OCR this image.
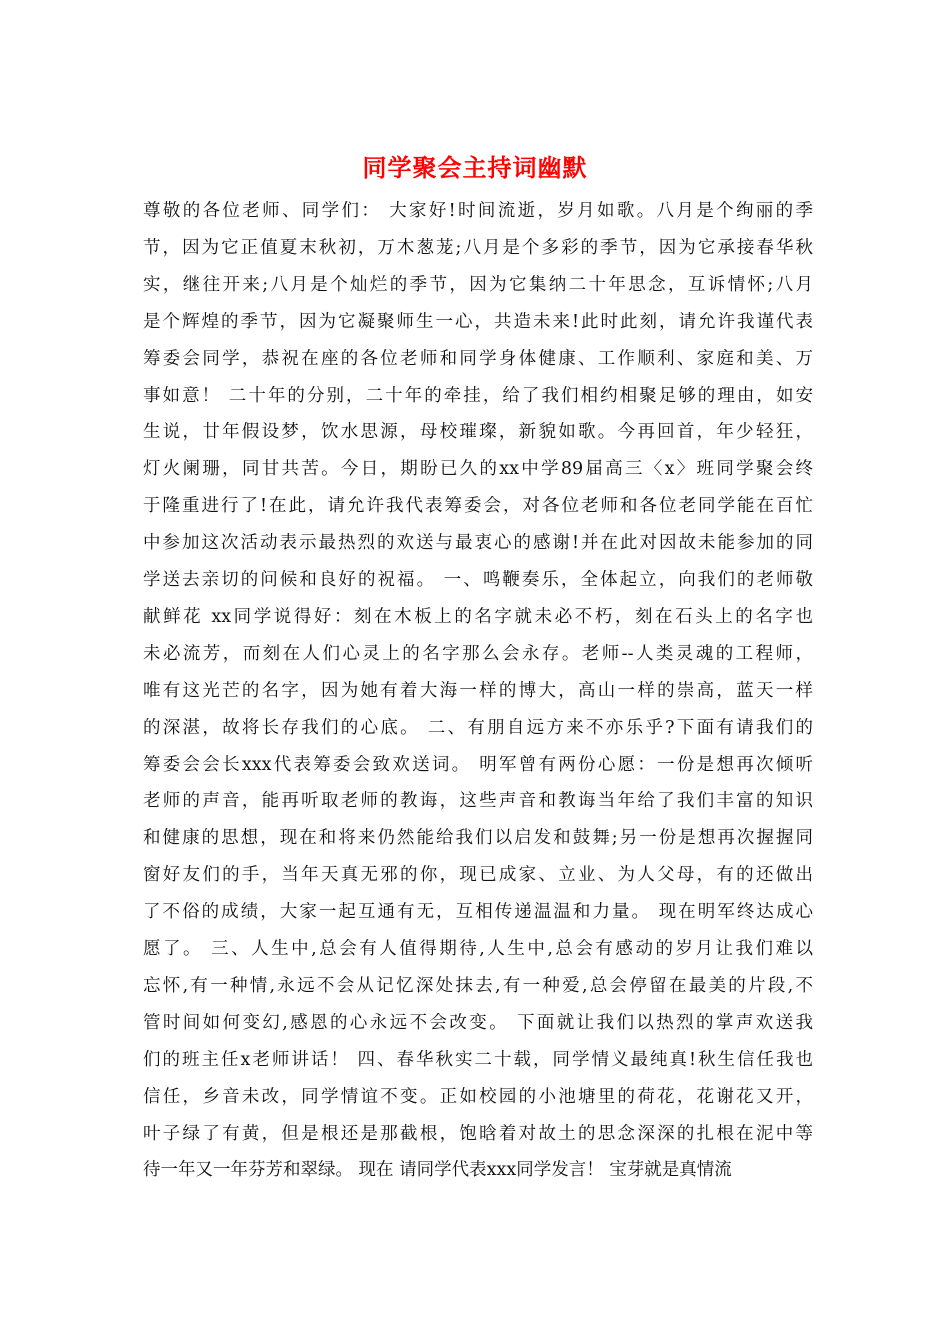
同学聚会主持词幽默
尊敬的各位老师、同学们： 大家好!时间流逝，岁月如歌。八月是个绚丽的季
节，因为它正值夏末秋初，万木葱茏;八月是个多彩的季节，因为它承接春华秋
实，继往开来;八月是个灿烂的季节，因为它集纳二十年思念，互诉情怀;八月
是个辉煌的季节，因为它凝聚师生一心，共造未来!此时此刻，请允许我谨代表
筹委会同学，恭祝在座的各位老师和同学身体健康、工作顺利、家庭和美、万
事如意！ 二十年的分别，二十年的牵挂，给了我们相约相聚足够的理由，如安
生说，廿年假设梦，饮水思源，母校璀璨，新貌如歌。今再回首，年少轻狂，
灯火阑珊，同甘共苦。今日，期盼已久的xx中学89届高三〈x〉班同学聚会终
于隆重进行了!在此，请允许我代表筹委会，对各位老师和各位老同学能在百忙
中参加这次活动表示最热烈的欢送与最衷心的感谢!并在此对因故未能参加的同
学送去亲切的问候和良好的祝福。 一、鸣鞭奏乐，全体起立，向我们的老师敬
献鲜花 xx同学说得好：刻在木板上的名字就未必不朽，刻在石头上的名字也
未必流芳，而刻在人们心灵上的名字那么会永存。老师--人类灵魂的工程师，
唯有这光芒的名字，因为她有着大海一样的博大，高山一样的崇高，蓝天一样
的深湛，故将长存我们的心底。 二、有朋自远方来不亦乐乎?下面有请我们的
筹委会会长xxx代表筹委会致欢送词。 明军曾有两份心愿：一份是想再次倾听
老师的声音，能再听取老师的教诲，这些声音和教诲当年给了我们丰富的知识
和健康的思想，现在和将来仍然能给我们以启发和鼓舞;另一份是想再次握握同
窗好友们的手，当年天真无邪的你，现已成家、立业、为人父母，有的还做出
了不俗的成绩，大家一起互通有无，互相传递温温和力量。 现在明军终达成心
愿了。 三、人生中,总会有人值得期待,人生中,总会有感动的岁月让我们难以
忘怀,有一种情,永远不会从记忆深处抹去,有一种爱,总会停留在最美的片段,不
管时间如何变幻,感恩的心永远不会改变。 下面就让我们以热烈的掌声欢送我
们的班主任x老师讲话！ 四、春华秋实二十载，同学情义最纯真!秋生信任我也
信任，乡音未改，同学情谊不变。正如校园的小池塘里的荷花，花谢花又开，
叶子绿了有黄，但是根还是那截根，饱晗着对故土的思念深深的扎根在泥中等
待一年又一年芬芳和翠绿。 现在 请同学代表xxx同学发言！ 宝芽就是真情流
